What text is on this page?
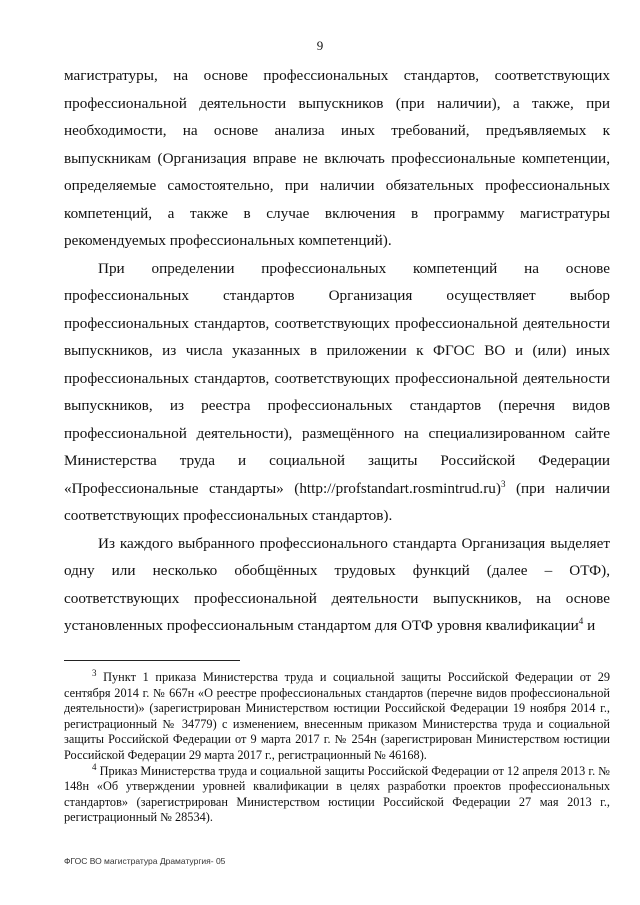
9

магистратуры, на основе профессиональных стандартов, соответствующих профессиональной деятельности выпускников (при наличии), а также, при необходимости, на основе анализа иных требований, предъявляемых к выпускникам (Организация вправе не включать профессиональные компетенции, определяемые самостоятельно, при наличии обязательных профессиональных компетенций, а также в случае включения в программу магистратуры рекомендуемых профессиональных компетенций).

При определении профессиональных компетенций на основе профессиональных стандартов Организация осуществляет выбор профессиональных стандартов, соответствующих профессиональной деятельности выпускников, из числа указанных в приложении к ФГОС ВО и (или) иных профессиональных стандартов, соответствующих профессиональной деятельности выпускников, из реестра профессиональных стандартов (перечня видов профессиональной деятельности), размещённого на специализированном сайте Министерства труда и социальной защиты Российской Федерации «Профессиональные стандарты» (http://profstandart.rosmintrud.ru)$^3$ (при наличии соответствующих профессиональных стандартов).

Из каждого выбранного профессионального стандарта Организация выделяет одну или несколько обобщённых трудовых функций (далее – ОТФ), соответствующих профессиональной деятельности выпускников, на основе установленных профессиональным стандартом для ОТФ уровня квалификации$^4$ и

$^3$ Пункт 1 приказа Министерства труда и социальной защиты Российской Федерации от 29 сентября 2014 г. № 667н «О реестре профессиональных стандартов (перечне видов профессиональной деятельности)» (зарегистрирован Министерством юстиции Российской Федерации 19 ноября 2014 г., регистрационный № 34779) с изменением, внесенным приказом Министерства труда и социальной защиты Российской Федерации от 9 марта 2017 г. № 254н (зарегистрирован Министерством юстиции Российской Федерации 29 марта 2017 г., регистрационный № 46168).

$^4$ Приказ Министерства труда и социальной защиты Российской Федерации от 12 апреля 2013 г. № 148н «Об утверждении уровней квалификации в целях разработки проектов профессиональных стандартов» (зарегистрирован Министерством юстиции Российской Федерации 27 мая 2013 г., регистрационный № 28534).

ФГОС ВО магистратура Драматургия- 05
